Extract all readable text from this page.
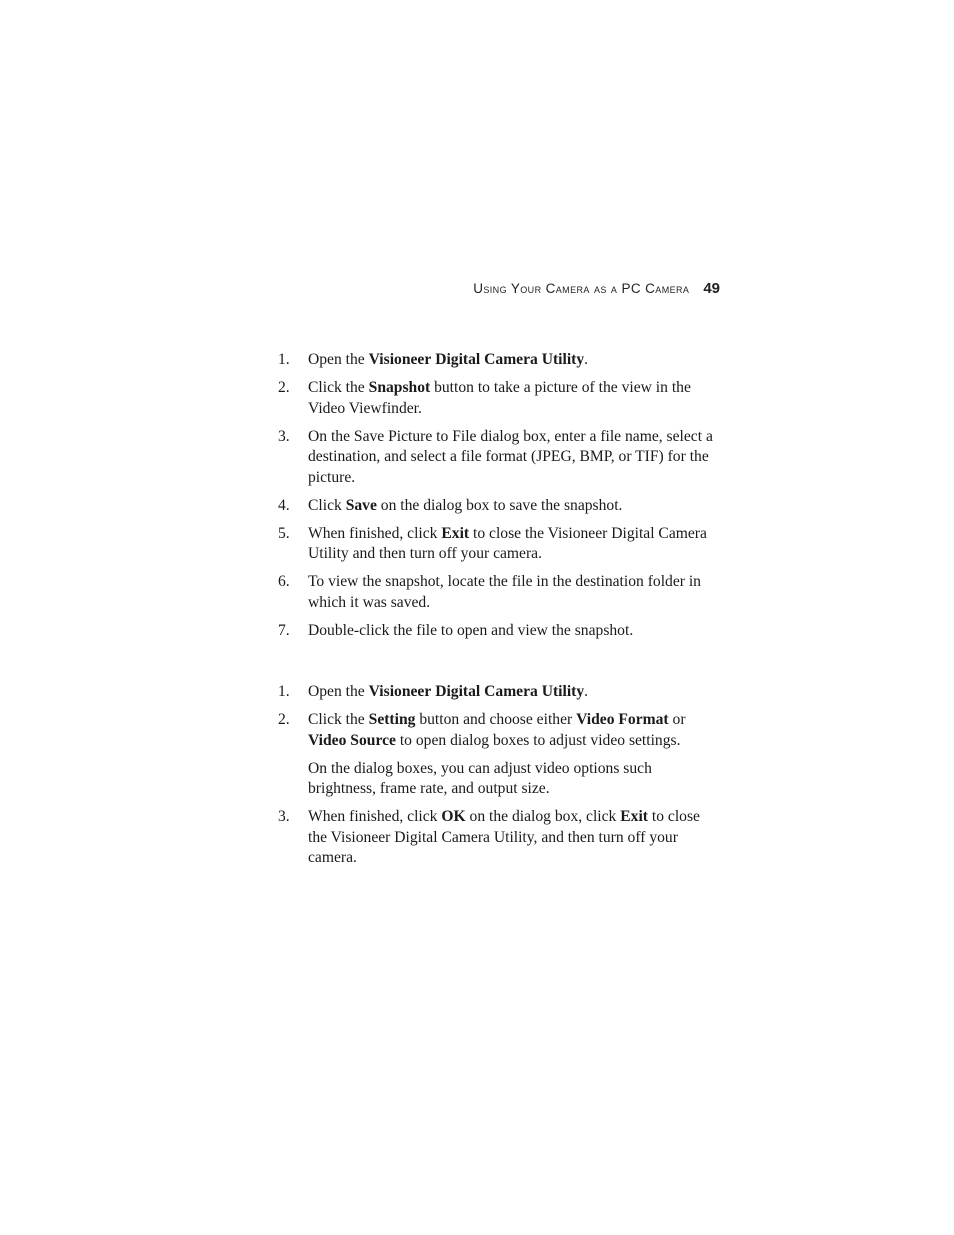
Using Your Camera as a PC Camera 49
1. Open the Visioneer Digital Camera Utility.
2. Click the Snapshot button to take a picture of the view in the Video Viewfinder.
3. On the Save Picture to File dialog box, enter a file name, select a destination, and select a file format (JPEG, BMP, or TIF) for the picture.
4. Click Save on the dialog box to save the snapshot.
5. When finished, click Exit to close the Visioneer Digital Camera Utility and then turn off your camera.
6. To view the snapshot, locate the file in the destination folder in which it was saved.
7. Double-click the file to open and view the snapshot.
1. Open the Visioneer Digital Camera Utility.
2. Click the Setting button and choose either Video Format or Video Source to open dialog boxes to adjust video settings.
On the dialog boxes, you can adjust video options such brightness, frame rate, and output size.
3. When finished, click OK on the dialog box, click Exit to close the Visioneer Digital Camera Utility, and then turn off your camera.
